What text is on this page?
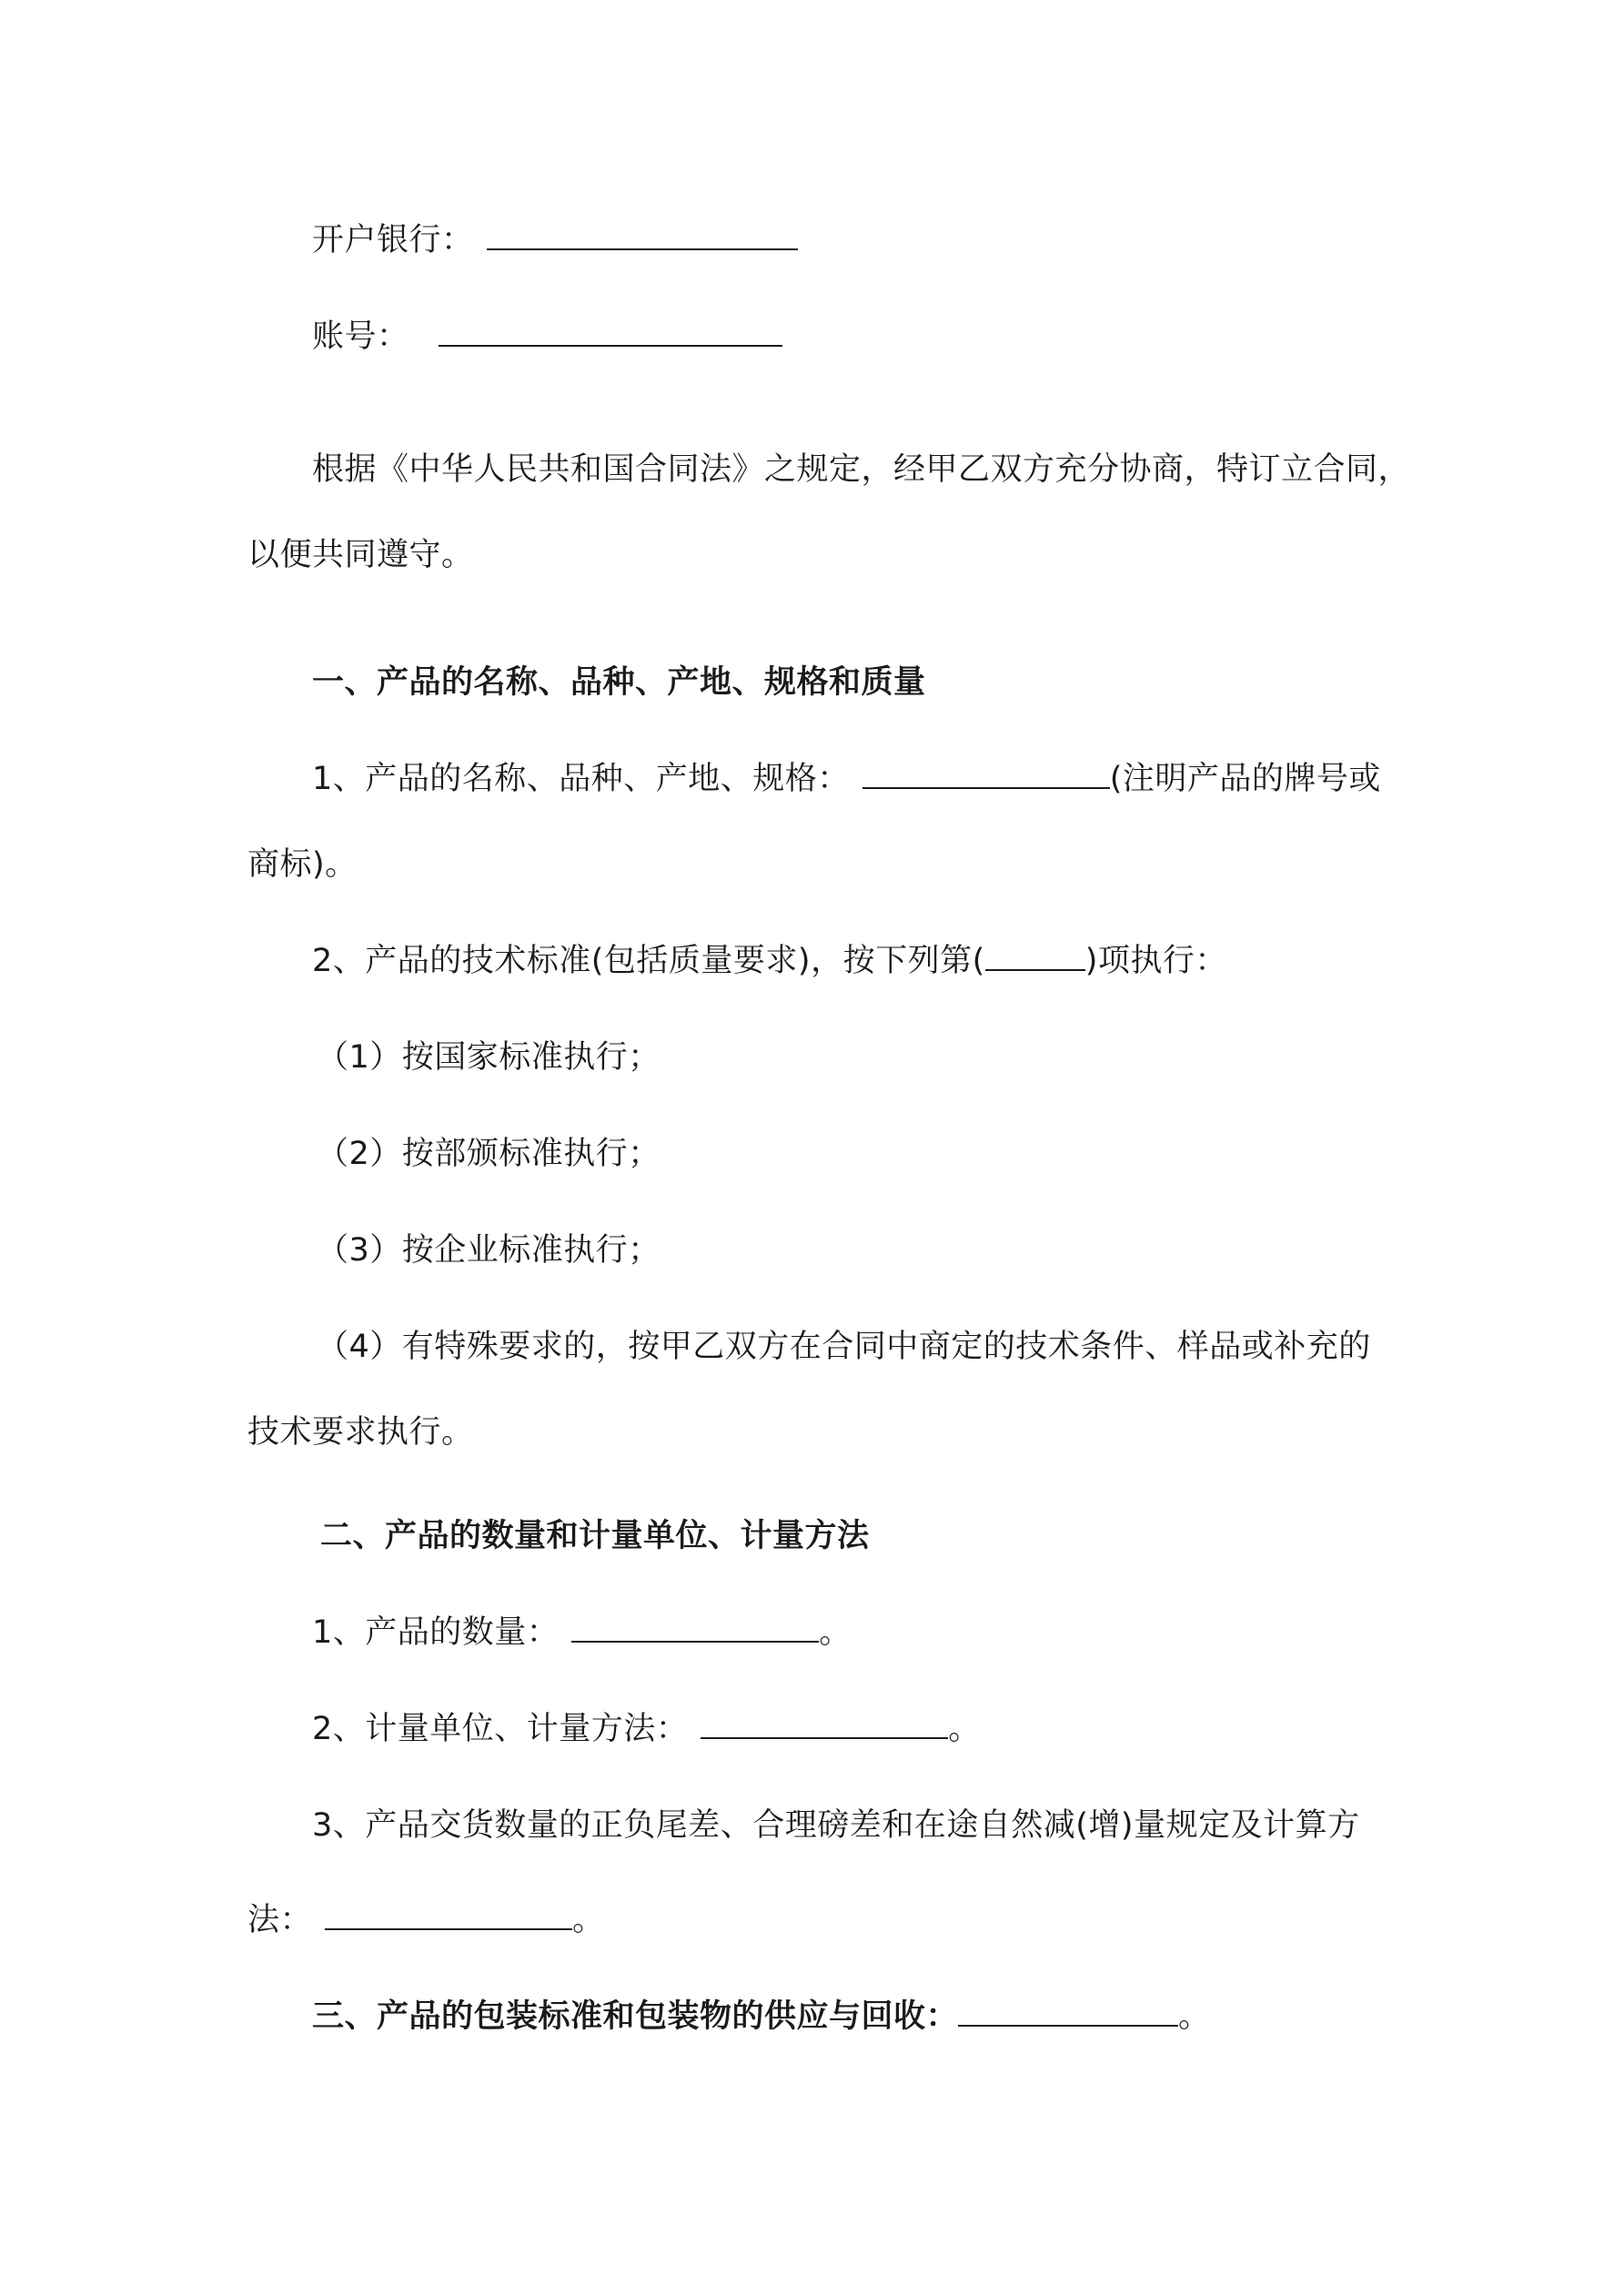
开户银行：
账号：
根据《中华人民共和国合同法》之规定，经甲乙双方充分协商，特订立合同，
以便共同遵守。
一、产品的名称、品种、产地、规格和质量
1、产品的名称、品种、产地、规格：	(注明产品的牌号或
商标)。
2、产品的技术标准(包括质量要求)，按下列第(	)项执行：
（1）按国家标准执行；
（2）按部颁标准执行；
（3）按企业标准执行；
（4）有特殊要求的，按甲乙双方在合同中商定的技术条件、样品或补充的
技术要求执行。
二、产品的数量和计量单位、计量方法
1、产品的数量：	。
2、计量单位、计量方法：	。
3、产品交货数量的正负尾差、合理磅差和在途自然减(增)量规定及计算方
法：	。
三、产品的包装标准和包装物的供应与回收：	。
